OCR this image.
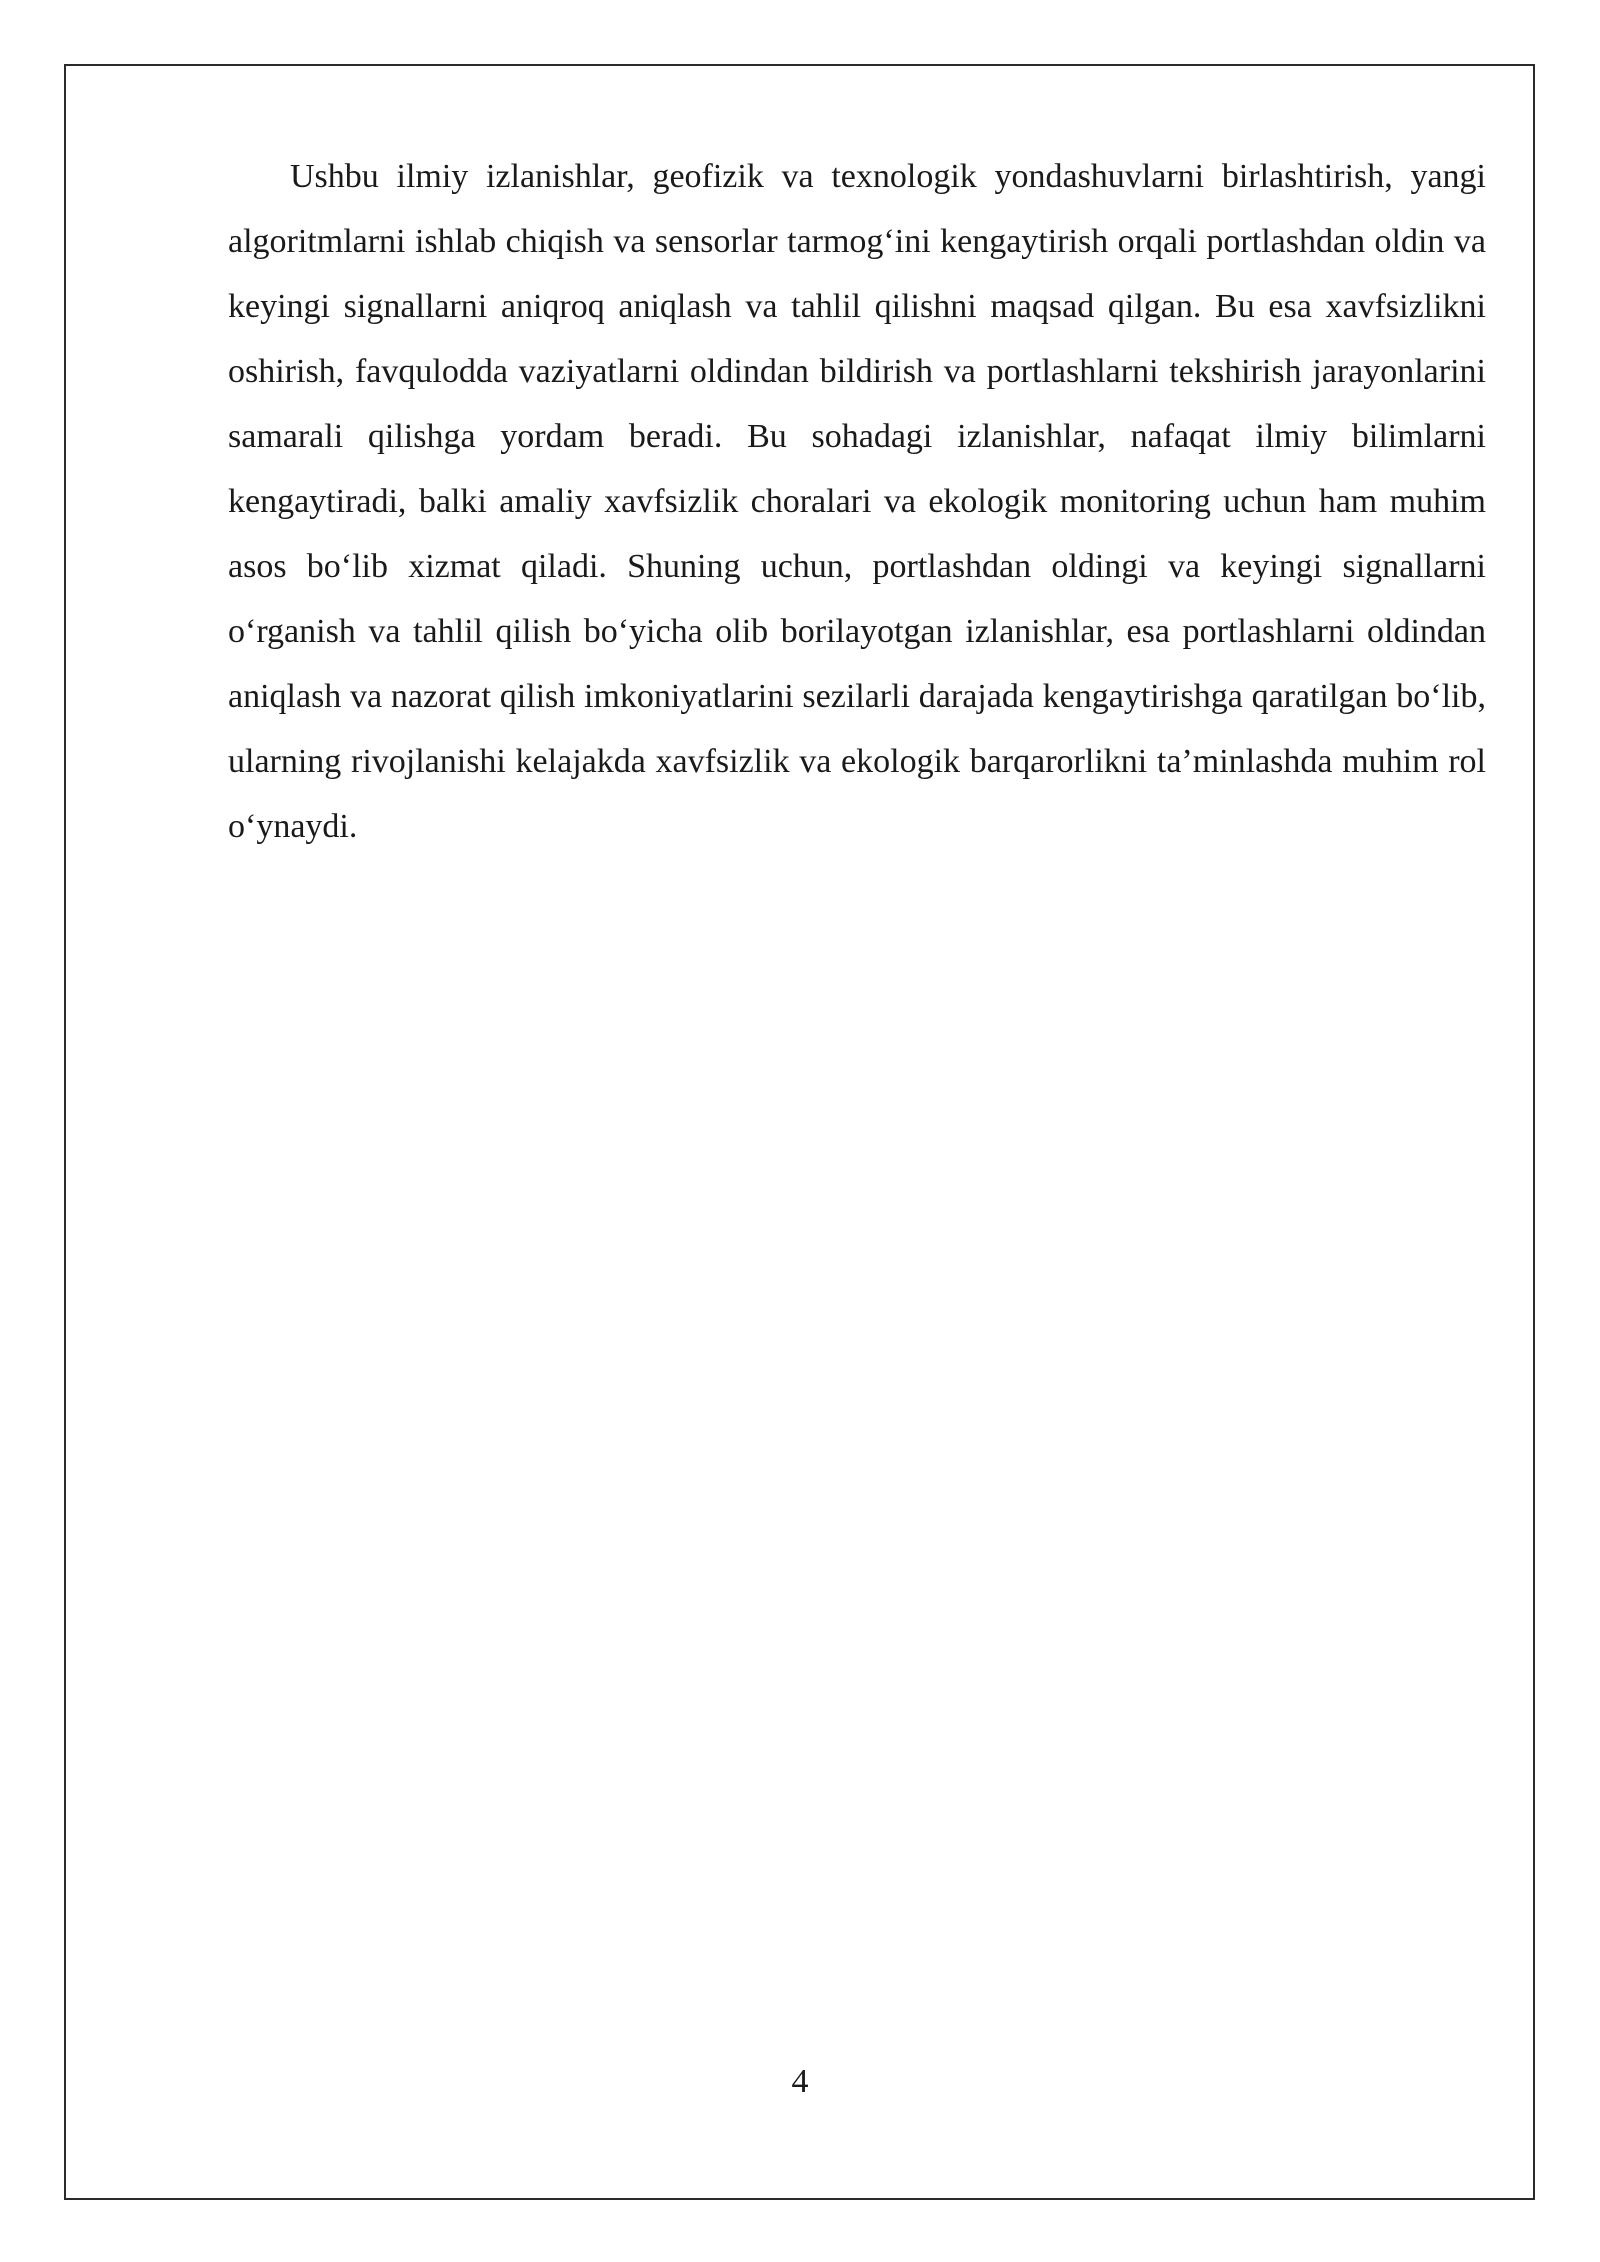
Ushbu ilmiy izlanishlar, geofizik va texnologik yondashuvlarni birlashtirish, yangi algoritmlarni ishlab chiqish va sensorlar tarmog‘ini kengaytirish orqali portlashdan oldin va keyingi signallarni aniqroq aniqlash va tahlil qilishni maqsad qilgan. Bu esa xavfsizlikni oshirish, favqulodda vaziyatlarni oldindan bildirish va portlashlarni tekshirish jarayonlarini samarali qilishga yordam beradi. Bu sohadagi izlanishlar, nafaqat ilmiy bilimlarni kengaytiradi, balki amaliy xavfsizlik choralari va ekologik monitoring uchun ham muhim asos bo‘lib xizmat qiladi. Shuning uchun, portlashdan oldingi va keyingi signallarni o‘rganish va tahlil qilish bo‘yicha olib borilayotgan izlanishlar, esa portlashlarni oldindan aniqlash va nazorat qilish imkoniyatlarini sezilarli darajada kengaytirishga qaratilgan bo‘lib, ularning rivojlanishi kelajakda xavfsizlik va ekologik barqarorlikni ta’minlashda muhim rol o‘ynaydi.

4
